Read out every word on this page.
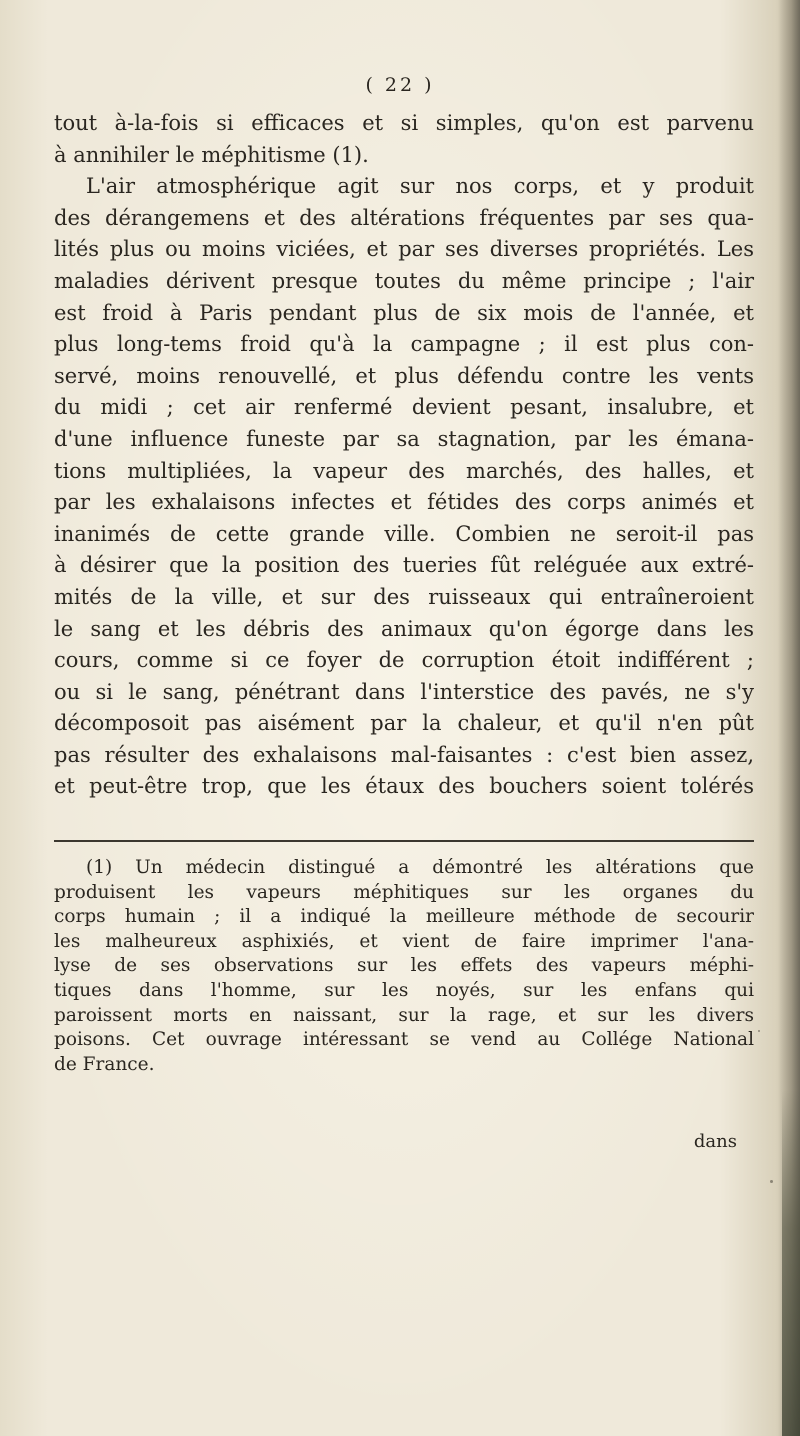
( 22 )

tout à-la-fois si efficaces et si simples, qu'on est parvenu
à annihiler le méphitisme (1).
L'air atmosphérique agit sur nos corps, et y produit
des dérangemens et des altérations fréquentes par ses qua-
lités plus ou moins viciées, et par ses diverses propriétés. Les
maladies dérivent presque toutes du même principe ; l'air
est froid à Paris pendant plus de six mois de l'année, et
plus long-tems froid qu'à la campagne ; il est plus con-
servé, moins renouvellé, et plus défendu contre les vents
du midi ; cet air renfermé devient pesant, insalubre, et
d'une influence funeste par sa stagnation, par les émana-
tions multipliées, la vapeur des marchés, des halles, et
par les exhalaisons infectes et fétides des corps animés et
inanimés de cette grande ville. Combien ne seroit-il pas
à désirer que la position des tueries fût reléguée aux extré-
mités de la ville, et sur des ruisseaux qui entraîneroient
le sang et les débris des animaux qu'on égorge dans les
cours, comme si ce foyer de corruption étoit indifférent ;
ou si le sang, pénétrant dans l'interstice des pavés, ne s'y
décomposoit pas aisément par la chaleur, et qu'il n'en pût
pas résulter des exhalaisons mal-faisantes : c'est bien assez,
et peut-être trop, que les étaux des bouchers soient tolérés

(1) Un médecin distingué a démontré les altérations que
produisent les vapeurs méphitiques sur les organes du
corps humain ; il a indiqué la meilleure méthode de secourir
les malheureux asphixiés, et vient de faire imprimer l'ana-
lyse de ses observations sur les effets des vapeurs méphi-
tiques dans l'homme, sur les noyés, sur les enfans qui
paroissent morts en naissant, sur la rage, et sur les divers
poisons. Cet ouvrage intéressant se vend au Collége National
de France.

dans
